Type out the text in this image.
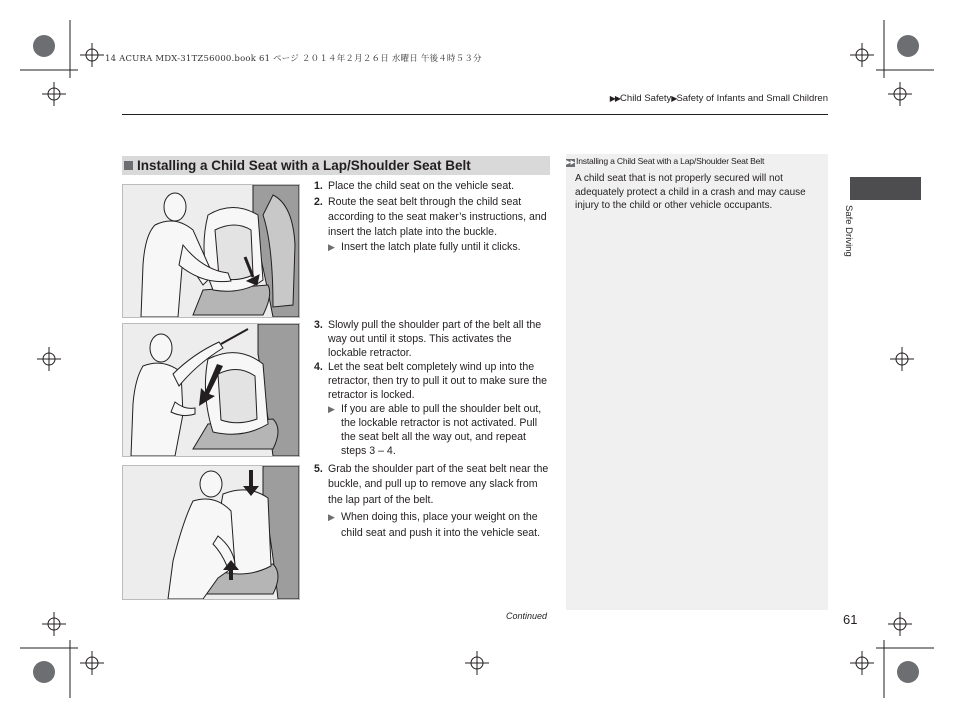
14 ACURA MDX-31TZ56000.book 61 ページ ２０１４年２月２６日 水曜日 午後４時５３分
▶▶Child Safety▶Safety of Infants and Small Children
Installing a Child Seat with a Lap/Shoulder Seat Belt
1. Place the child seat on the vehicle seat.
2. Route the seat belt through the child seat according to the seat maker’s instructions, and insert the latch plate into the buckle.
▶ Insert the latch plate fully until it clicks.
3. Slowly pull the shoulder part of the belt all the way out until it stops. This activates the lockable retractor.
4. Let the seat belt completely wind up into the retractor, then try to pull it out to make sure the retractor is locked.
▶ If you are able to pull the shoulder belt out, the lockable retractor is not activated. Pull the seat belt all the way out, and repeat steps 3 – 4.
5. Grab the shoulder part of the seat belt near the buckle, and pull up to remove any slack from the lap part of the belt.
▶ When doing this, place your weight on the child seat and push it into the vehicle seat.
Continued
▶▶Installing a Child Seat with a Lap/Shoulder Seat Belt
A child seat that is not properly secured will not adequately protect a child in a crash and may cause injury to the child or other vehicle occupants.	Safe Driving
61
